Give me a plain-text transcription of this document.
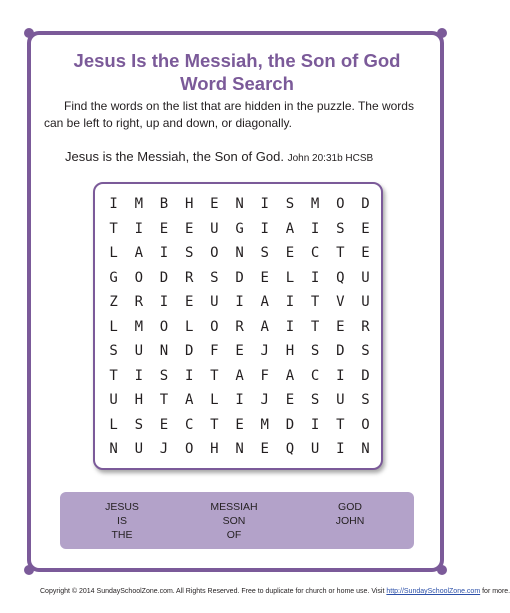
Jesus Is the Messiah, the Son of God
Word Search
Find the words on the list that are hidden in the puzzle. The words can be left to right, up and down, or diagonally.
Jesus is the Messiah, the Son of God. John 20:31b HCSB
I	M	B	H	E	N	I	S	M	O	D
T	I	E	E	U	G	I	A	I	S	E
L	A	I	S	O	N	S	E	C	T	E
G	O	D	R	S	D	E	L	I	Q	U
Z	R	I	E	U	I	A	I	T	V	U
L	M	O	L	O	R	A	I	T	E	R
S	U	N	D	F	E	J	H	S	D	S
T	I	S	I	T	A	F	A	C	I	D
U	H	T	A	L	I	J	E	S	U	S
L	S	E	C	T	E	M	D	I	T	O
N	U	J	O	H	N	E	Q	U	I	N
JESUS
IS
THE
MESSIAH
SON
OF
GOD
JOHN
Copyright © 2014 SundaySchoolZone.com. All Rights Reserved. Free to duplicate for church or home use. Visit http://SundaySchoolZone.com for more.
